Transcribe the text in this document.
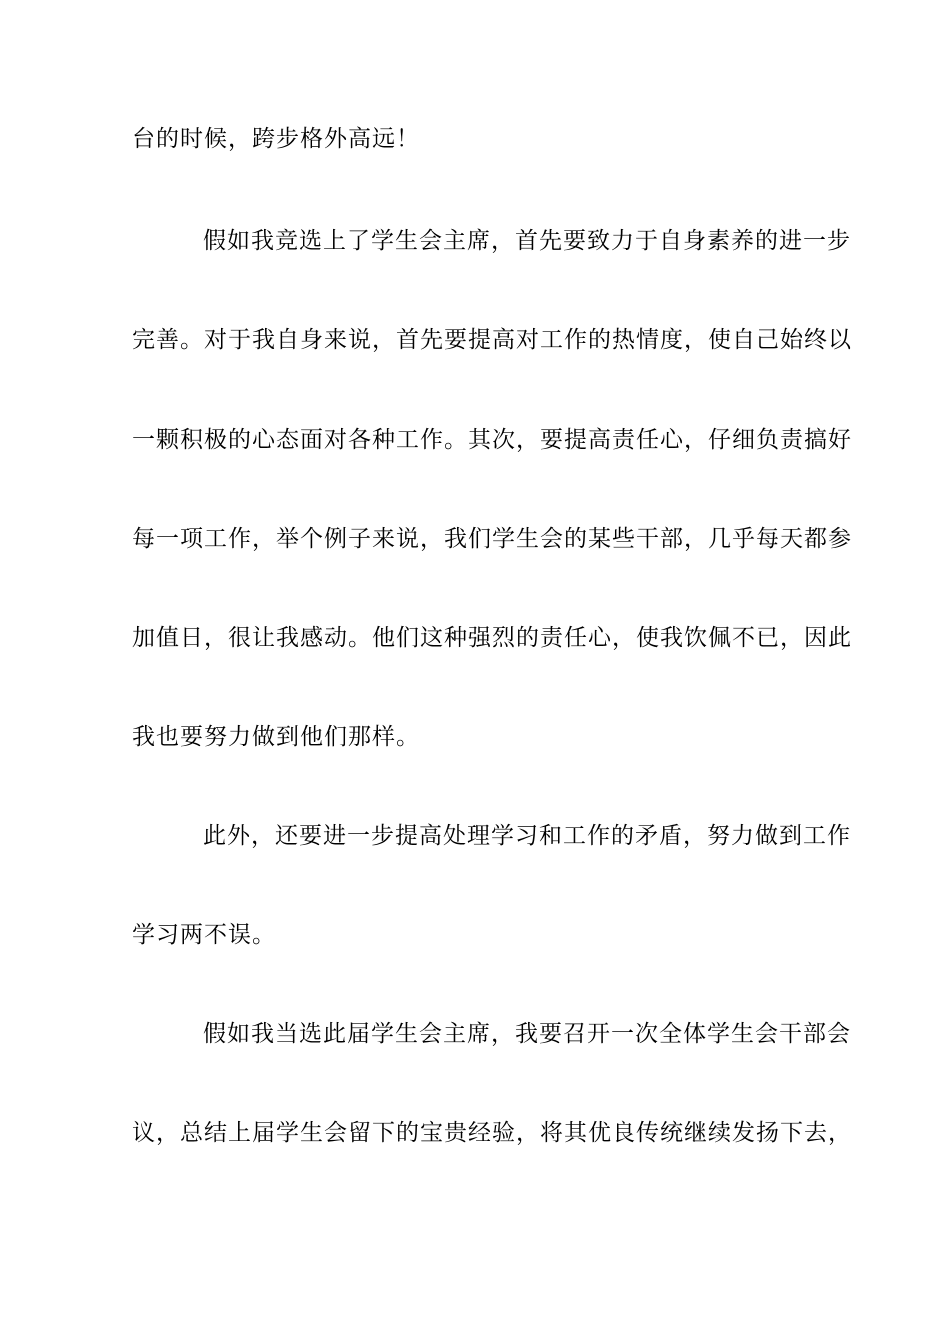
台的时候，跨步格外高远！
假如我竞选上了学生会主席，首先要致力于自身素养的进一步
完善。对于我自身来说，首先要提高对工作的热情度，使自己始终以
一颗积极的心态面对各种工作。其次，要提高责任心，仔细负责搞好
每一项工作，举个例子来说，我们学生会的某些干部，几乎每天都参
加值日，很让我感动。他们这种强烈的责任心，使我饮佩不已，因此
我也要努力做到他们那样。
此外，还要进一步提高处理学习和工作的矛盾，努力做到工作
学习两不误。
假如我当选此届学生会主席，我要召开一次全体学生会干部会
议，总结上届学生会留下的宝贵经验，将其优良传统继续发扬下去，
